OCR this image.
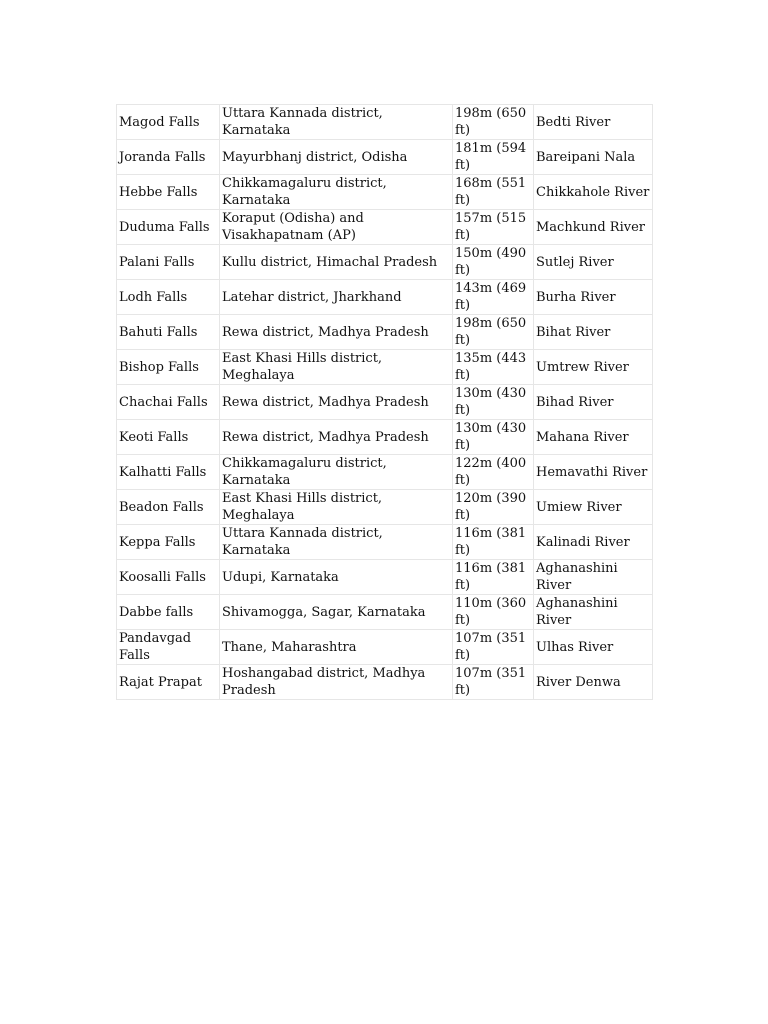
Magod Falls	Uttara Kannada district, Karnataka	198m (650 ft)	Bedti River
Joranda Falls	Mayurbhanj district, Odisha	181m (594 ft)	Bareipani Nala
Hebbe Falls	Chikkamagaluru district, Karnataka	168m (551 ft)	Chikkahole River
Duduma Falls	Koraput (Odisha) and Visakhapatnam (AP)	157m (515 ft)	Machkund River
Palani Falls	Kullu district, Himachal Pradesh	150m (490 ft)	Sutlej River
Lodh Falls	Latehar district, Jharkhand	143m (469 ft)	Burha River
Bahuti Falls	Rewa district, Madhya Pradesh	198m (650 ft)	Bihat River
Bishop Falls	East Khasi Hills district, Meghalaya	135m (443 ft)	Umtrew River
Chachai Falls	Rewa district, Madhya Pradesh	130m (430 ft)	Bihad River
Keoti Falls	Rewa district, Madhya Pradesh	130m (430 ft)	Mahana River
Kalhatti Falls	Chikkamagaluru district, Karnataka	122m (400 ft)	Hemavathi River
Beadon Falls	East Khasi Hills district, Meghalaya	120m (390 ft)	Umiew River
Keppa Falls	Uttara Kannada district, Karnataka	116m (381 ft)	Kalinadi River
Koosalli Falls	Udupi, Karnataka	116m (381 ft)	Aghanashini River
Dabbe falls	Shivamogga, Sagar, Karnataka	110m (360 ft)	Aghanashini River
Pandavgad Falls	Thane, Maharashtra	107m (351 ft)	Ulhas River
Rajat Prapat	Hoshangabad district, Madhya Pradesh	107m (351 ft)	River Denwa
